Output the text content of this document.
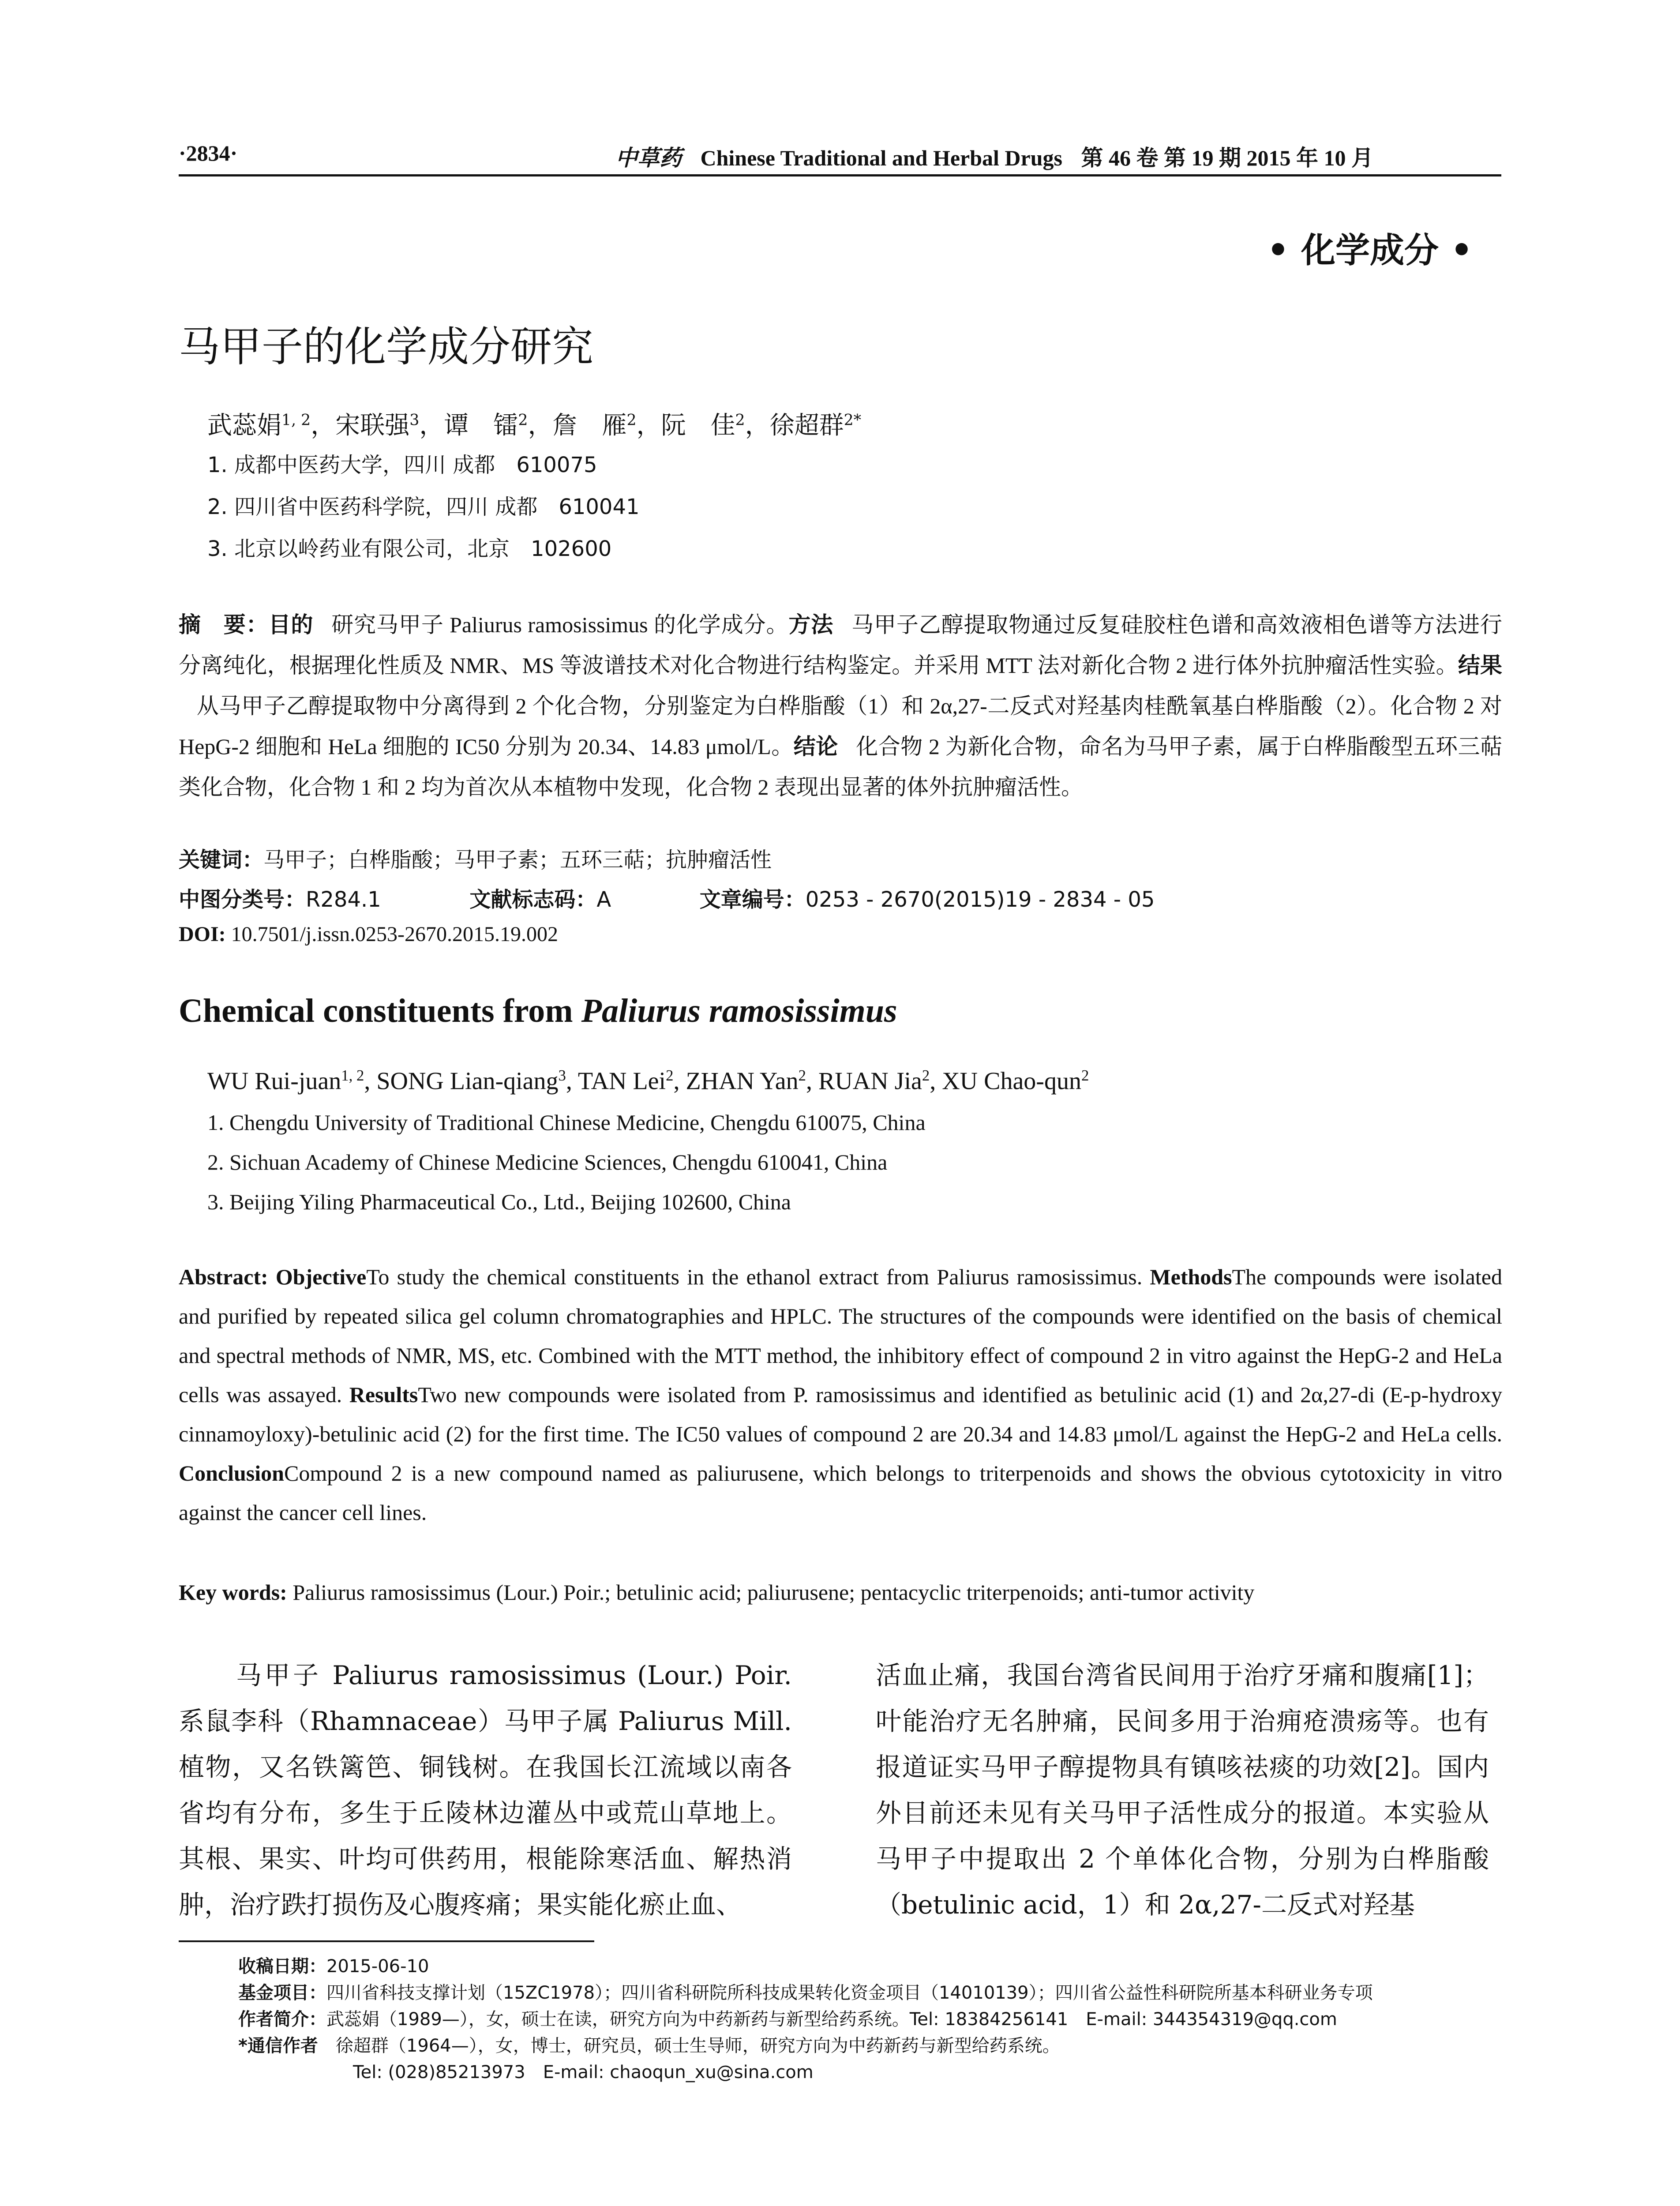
·2834·	中草药 Chinese Traditional and Herbal Drugs 第 46 卷 第 19 期 2015 年 10 月
• 化学成分 •
马甲子的化学成分研究
武蕊娟$^{1, 2}$，宋联强$^3$，谭　镭$^2$，詹　雁$^2$，阮　佳$^2$，徐超群$^{2*}$
1. 成都中医药大学，四川 成都　610075
2. 四川省中医药科学院，四川 成都　610041
3. 北京以岭药业有限公司，北京　102600
摘　要：目的 研究马甲子 Paliurus ramosissimus 的化学成分。方法 马甲子乙醇提取物通过反复硅胶柱色谱和高效液相色谱等方法进行分离纯化，根据理化性质及 NMR、MS 等波谱技术对化合物进行结构鉴定。并采用 MTT 法对新化合物 2 进行体外抗肿瘤活性实验。结果从马甲子乙醇提取物中分离得到 2 个化合物，分别鉴定为白桦脂酸（1）和 2α,27-二反式对羟基肉桂酰氧基白桦脂酸（2）。化合物 2 对 HepG-2 细胞和 HeLa 细胞的 IC50 分别为 20.34、14.83 μmol/L。结论 化合物 2 为新化合物，命名为马甲子素，属于白桦脂酸型五环三萜类化合物，化合物 1 和 2 均为首次从本植物中发现，化合物 2 表现出显著的体外抗肿瘤活性。
关键词：马甲子；白桦脂酸；马甲子素；五环三萜；抗肿瘤活性
中图分类号：R284.1	文献标志码：A	文章编号：0253 - 2670(2015)19 - 2834 - 05
DOI: 10.7501/j.issn.0253-2670.2015.19.002
Chemical constituents from Paliurus ramosissimus
WU Rui-juan$^{1, 2}$, SONG Lian-qiang$^3$, TAN Lei$^2$, ZHAN Yan$^2$, RUAN Jia$^2$, XU Chao-qun$^2$
1. Chengdu University of Traditional Chinese Medicine, Chengdu 610075, China
2. Sichuan Academy of Chinese Medicine Sciences, Chengdu 610041, China
3. Beijing Yiling Pharmaceutical Co., Ltd., Beijing 102600, China
Abstract: ObjectiveTo study the chemical constituents in the ethanol extract from Paliurus ramosissimus. MethodsThe compounds were isolated and purified by repeated silica gel column chromatographies and HPLC. The structures of the compounds were identified on the basis of chemical and spectral methods of NMR, MS, etc. Combined with the MTT method, the inhibitory effect of compound 2 in vitro against the HepG-2 and HeLa cells was assayed. ResultsTwo new compounds were isolated from P. ramosissimus and identified as betulinic acid (1) and 2α,27-di (E-p-hydroxy cinnamoyloxy)-betulinic acid (2) for the first time. The IC50 values of compound 2 are 20.34 and 14.83 μmol/L against the HepG-2 and HeLa cells. ConclusionCompound 2 is a new compound named as paliurusene, which belongs to triterpenoids and shows the obvious cytotoxicity in vitro against the cancer cell lines.
Key words: Paliurus ramosissimus (Lour.) Poir.; betulinic acid; paliurusene; pentacyclic triterpenoids; anti-tumor activity
马甲子 Paliurus ramosissimus (Lour.) Poir. 系鼠李科（Rhamnaceae）马甲子属 Paliurus Mill. 植物，又名铁篱笆、铜钱树。在我国长江流域以南各省均有分布，多生于丘陵林边灌丛中或荒山草地上。其根、果实、叶均可供药用，根能除寒活血、解热消肿，治疗跌打损伤及心腹疼痛；果实能化瘀止血、
活血止痛，我国台湾省民间用于治疗牙痛和腹痛[1]；叶能治疗无名肿痛，民间多用于治痈疮溃疡等。也有报道证实马甲子醇提物具有镇咳祛痰的功效[2]。国内外目前还未见有关马甲子活性成分的报道。本实验从马甲子中提取出 2 个单体化合物，分别为白桦脂酸（betulinic acid，1）和 2α,27-二反式对羟基
收稿日期：2015-06-10
基金项目：四川省科技支撑计划（15ZC1978）；四川省科研院所科技成果转化资金项目（14010139）；四川省公益性科研院所基本科研业务专项
作者简介：武蕊娟（1989—），女，硕士在读，研究方向为中药新药与新型给药系统。Tel: 18384256141　E-mail: 344354319@qq.com
*通信作者 徐超群（1964—），女，博士，研究员，硕士生导师，研究方向为中药新药与新型给药系统。
Tel: (028)85213973　E-mail: chaoqun_xu@sina.com
